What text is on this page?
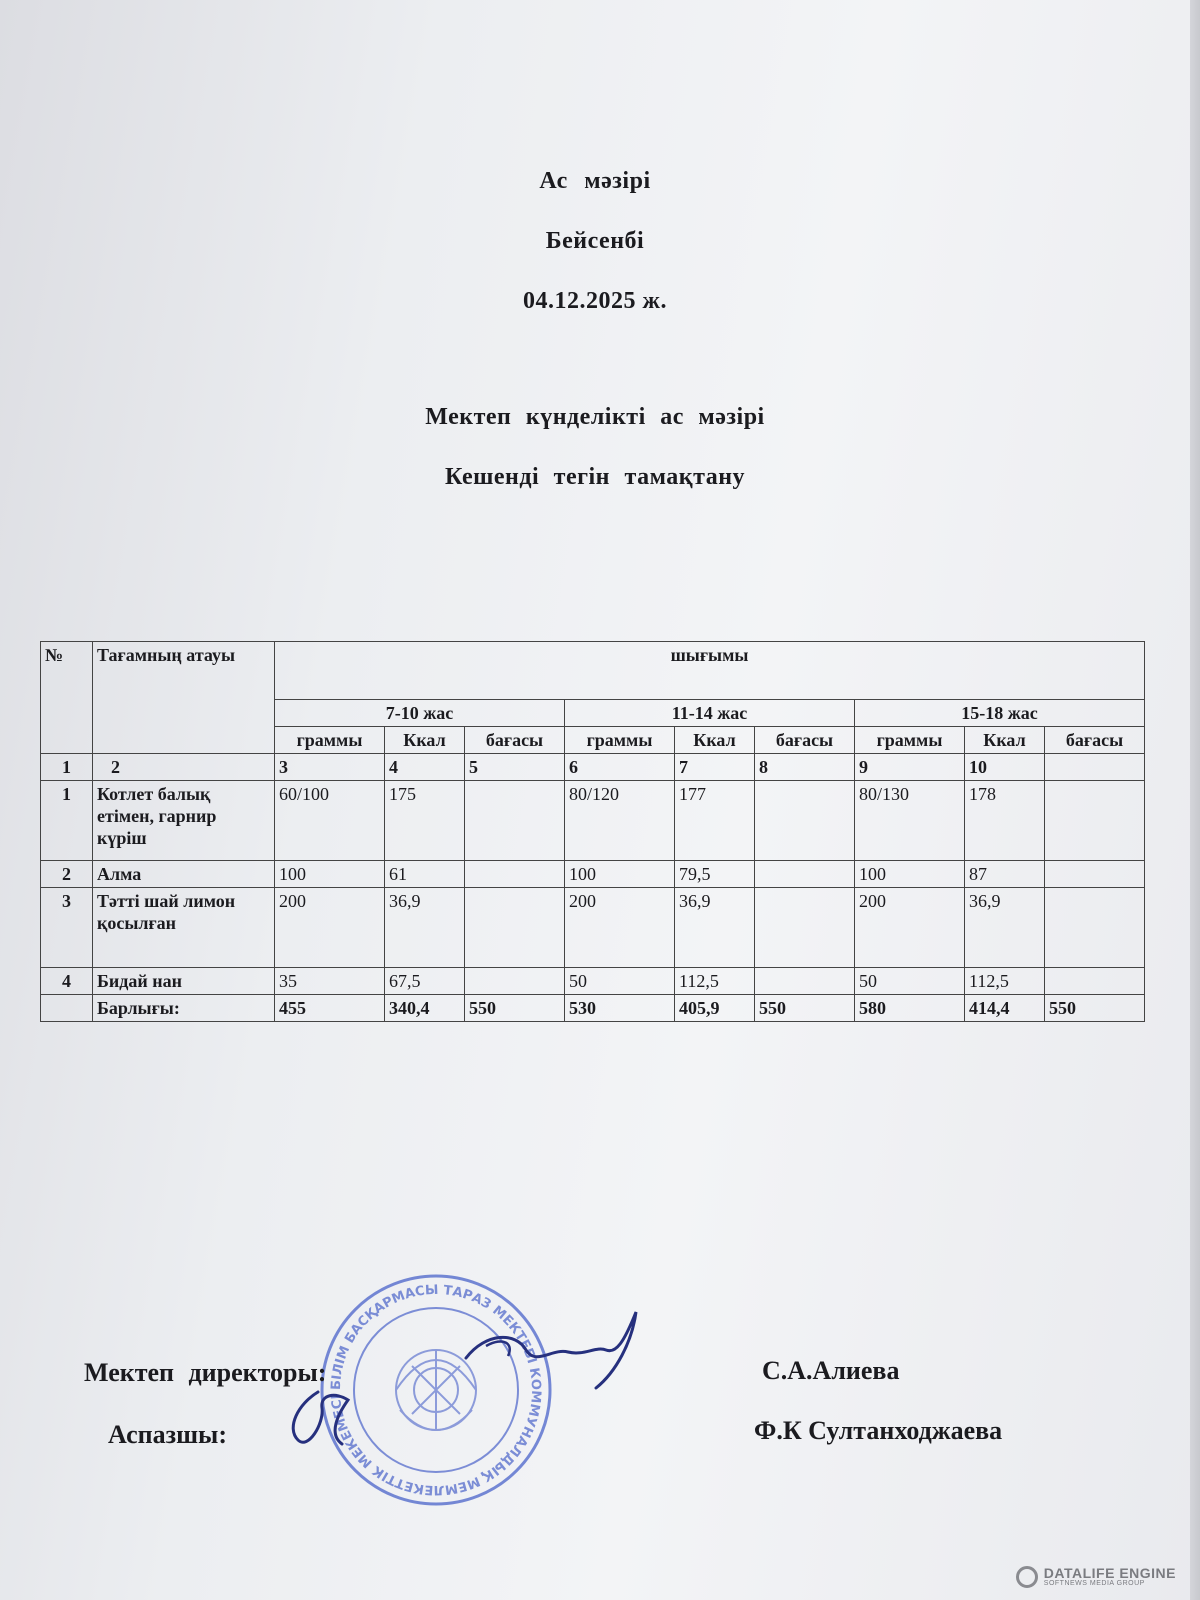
Ас мәзірі
Бейсенбі
04.12.2025 ж.
Мектеп күнделікті ас мәзірі
Кешенді тегін тамақтану
№	Тағамның атауы	шығымы								
		7-10 жас			11-14 жас			15-18 жас		
		граммы	Ккал	бағасы	граммы	Ккал	бағасы	граммы	Ккал	бағасы
1	2	3	4	5	6	7	8	9	10	
1	Котлет балық етімен, гарнир күріш	60/100	175		80/120	177		80/130	178	
2	Алма	100	61		100	79,5		100	87	
3	Тәтті шай лимон қосылған	200	36,9		200	36,9		200	36,9	
4	Бидай нан	35	67,5		50	112,5		50	112,5	
	Барлығы:	455	340,4	550	530	405,9	550	580	414,4	550
БІЛІМ БАСҚАРМАСЫ ТАРАЗ МЕКТЕБІ КОММУНАЛДЫҚ МЕМЛЕКЕТТІК МЕКЕМЕСІ
Мектеп директоры:	С.А.Алиева
Аспазшы:	Ф.К Султанходжаева
DATALIFE ENGINE
SOFTNEWS MEDIA GROUP
